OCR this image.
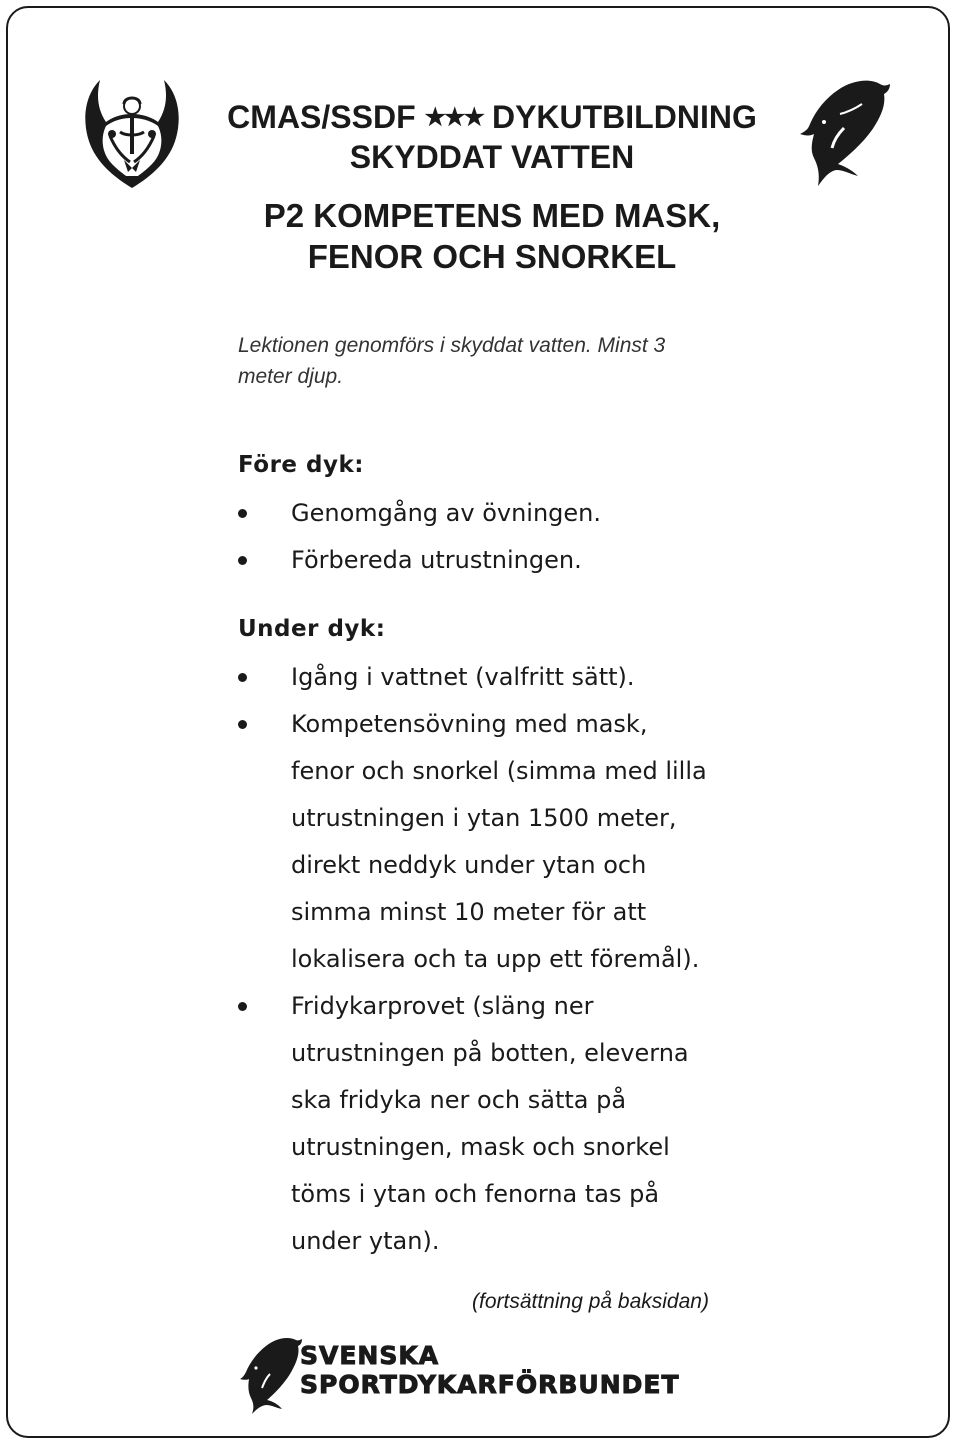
CMAS/SSDF ★★★ DYKUTBILDNING
SKYDDAT VATTEN
P2 KOMPETENS MED MASK,
FENOR OCH SNORKEL
Lektionen genomförs i skyddat vatten. Minst 3
meter djup.
Före dyk:
Genomgång av övningen.
Förbereda utrustningen.
Under dyk:
Igång i vattnet (valfritt sätt).
Kompetensövning med mask,
fenor och snorkel (simma med lilla
utrustningen i ytan 1500 meter,
direkt neddyk under ytan och
simma minst 10 meter för att
lokalisera och ta upp ett föremål).
Fridykarprovet (släng ner
utrustningen på botten, eleverna
ska fridyka ner och sätta på
utrustningen, mask och snorkel
töms i ytan och fenorna tas på
under ytan).
(fortsättning på baksidan)
SVENSKA
SPORTDYKARFÖRBUNDET
